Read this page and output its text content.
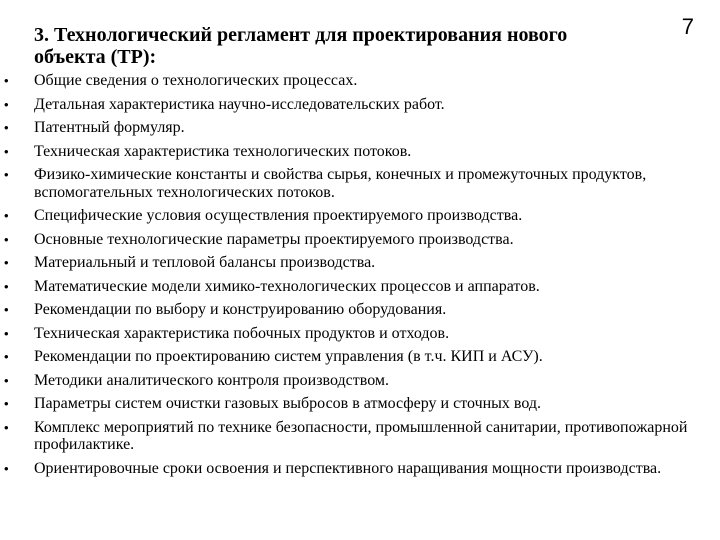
3. Технологический регламент для проектирования нового объекта (ТР):
7
• Общие сведения о технологических процессах.
• Детальная характеристика научно-исследовательских работ.
• Патентный формуляр.
• Техническая характеристика технологических потоков.
• Физико-химические константы и свойства сырья, конечных и промежуточных продуктов, вспомогательных технологических потоков.
• Специфические условия осуществления проектируемого производства.
• Основные технологические параметры проектируемого производства.
• Материальный и тепловой балансы производства.
• Математические модели химико-технологических процессов и аппаратов.
• Рекомендации по выбору и конструированию оборудования.
• Техническая характеристика побочных продуктов и отходов.
• Рекомендации по проектированию систем управления (в т.ч. КИП и АСУ).
• Методики аналитического контроля производством.
• Параметры систем очистки газовых выбросов в атмосферу и сточных вод.
• Комплекс мероприятий по технике безопасности, промышленной санитарии, противопожарной профилактике.
• Ориентировочные сроки освоения и перспективного наращивания мощности производства.
